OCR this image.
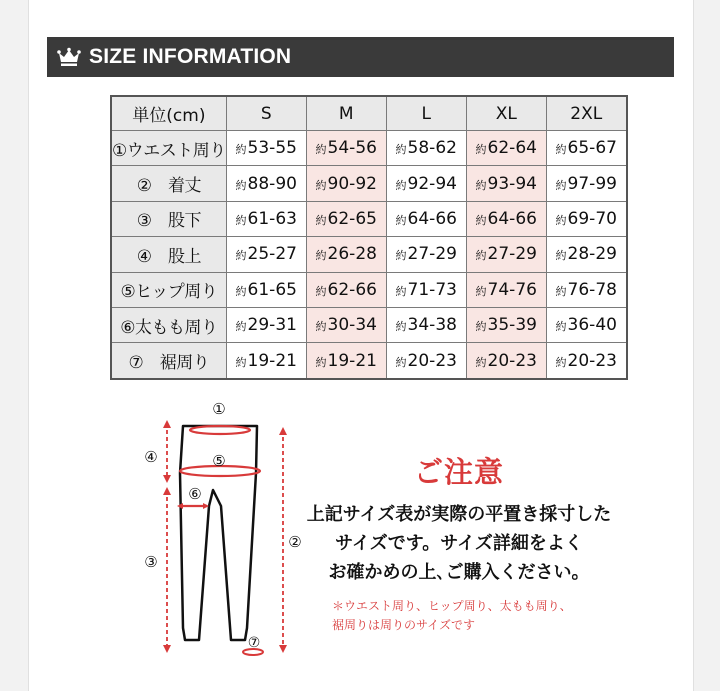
SIZE INFORMATION
単位(cm)	S	M	L	XL	2XL
①ウエスト周り	約53-55	約54-56	約58-62	約62-64	約65-67
②　着丈	約88-90	約90-92	約92-94	約93-94	約97-99
③　股下	約61-63	約62-65	約64-66	約64-66	約69-70
④　股上	約25-27	約26-28	約27-29	約27-29	約28-29
⑤ヒップ周り	約61-65	約62-66	約71-73	約74-76	約76-78
⑥太もも周り	約29-31	約30-34	約34-38	約35-39	約36-40
⑦　裾周り	約19-21	約19-21	約20-23	約20-23	約20-23
①
⑤
⑥
⑦
④
③
②
ご注意
上記サイズ表が実際の平置き採寸した
サイズです。サイズ詳細をよく
お確かめの上､ご購入ください。
＊ウエスト周り、ヒップ周り、太もも周り、
裾周りは周りのサイズです
